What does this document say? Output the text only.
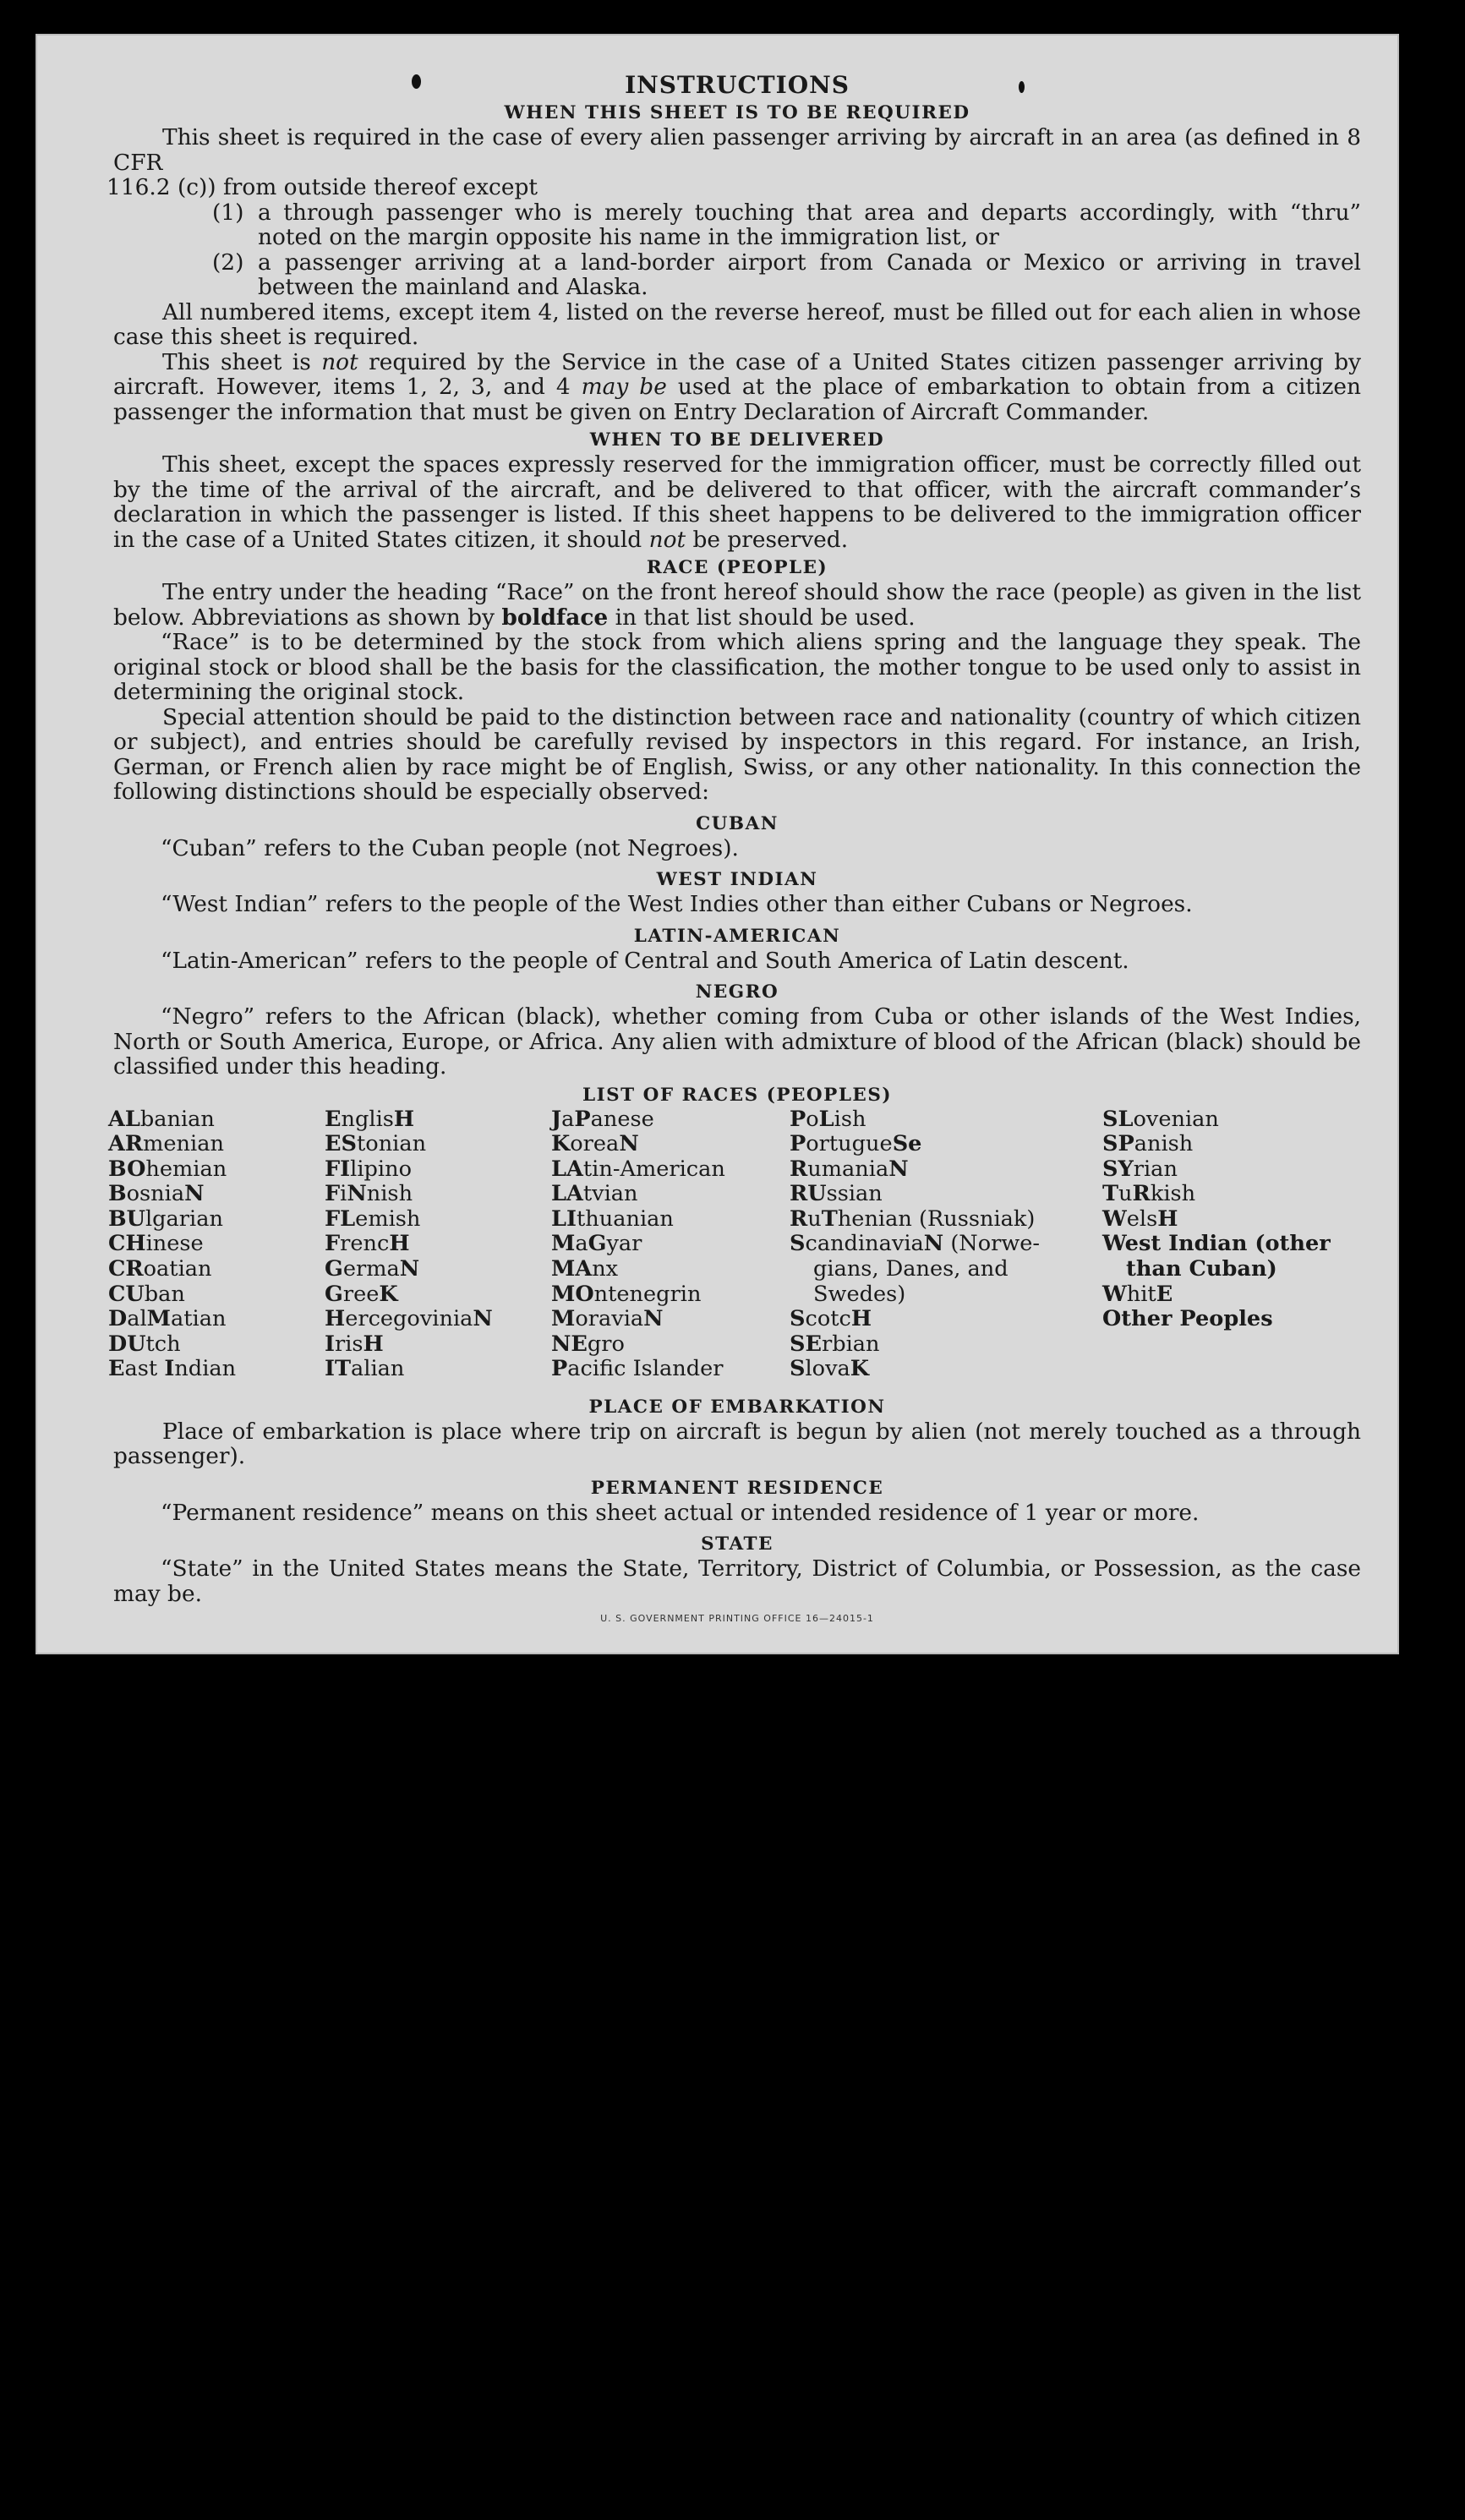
INSTRUCTIONS
WHEN THIS SHEET IS TO BE REQUIRED

This sheet is required in the case of every alien passenger arriving by aircraft in an area (as defined in 8 CFR

116.2 (c)) from outside thereof except

(1) a through passenger who is merely touching that area and departs accordingly, with “thru” noted on the margin opposite his name in the immigration list, or
(2) a passenger arriving at a land-border airport from Canada or Mexico or arriving in travel between the mainland and Alaska.

All numbered items, except item 4, listed on the reverse hereof, must be filled out for each alien in whose case this sheet is required.

This sheet is not required by the Service in the case of a United States citizen passenger arriving by aircraft. However, items 1, 2, 3, and 4 may be used at the place of embarkation to obtain from a citizen passenger the information that must be given on Entry Declaration of Aircraft Commander.

WHEN TO BE DELIVERED

This sheet, except the spaces expressly reserved for the immigration officer, must be correctly filled out by the time of the arrival of the aircraft, and be delivered to that officer, with the aircraft commander’s declaration in which the passenger is listed. If this sheet happens to be delivered to the immigration officer in the case of a United States citizen, it should not be preserved.

RACE (PEOPLE)

The entry under the heading “Race” on the front hereof should show the race (people) as given in the list below. Abbreviations as shown by boldface in that list should be used.

“Race” is to be determined by the stock from which aliens spring and the language they speak. The original stock or blood shall be the basis for the classification, the mother tongue to be used only to assist in determining the original stock.

Special attention should be paid to the distinction between race and nationality (country of which citizen or subject), and entries should be carefully revised by inspectors in this regard. For instance, an Irish, German, or French alien by race might be of English, Swiss, or any other nationality. In this connection the following distinctions should be especially observed:

CUBAN

“Cuban” refers to the Cuban people (not Negroes).

WEST INDIAN

“West Indian” refers to the people of the West Indies other than either Cubans or Negroes.

LATIN-AMERICAN

“Latin-American” refers to the people of Central and South America of Latin descent.

NEGRO

“Negro” refers to the African (black), whether coming from Cuba or other islands of the West Indies, North or South America, Europe, or Africa. Any alien with admixture of blood of the African (black) should be classified under this heading.

LIST OF RACES (PEOPLES)
ALbanian
ARmenian
BOhemian
BosniaN
BUlgarian
CHinese
CRoatian
CUban
DalMatian
DUtch
East Indian
EnglisH
EStonian
FIlipino
FiNnish
FLemish
FrencH
GermaN
GreeK
HercegoviniaN
IrisH
ITalian
JaPanese
KoreaN
LAtin-American
LAtvian
LIthuanian
MaGyar
MAnx
MOntenegrin
MoraviaN
NEgro
Pacific Islander
PoLish
PortugueSe
RumaniaN
RUssian
RuThenian (Russniak)
ScandinaviaN (Norwe-
gians, Danes, and
Swedes)
ScotcH
SErbian
SlovaK
SLovenian
SPanish
SYrian
TuRkish
WelsH
West Indian (other
than Cuban)
WhitE
Other Peoples
PLACE OF EMBARKATION

Place of embarkation is place where trip on aircraft is begun by alien (not merely touched as a through passenger).

PERMANENT RESIDENCE

“Permanent residence” means on this sheet actual or intended residence of 1 year or more.

STATE

“State” in the United States means the State, Territory, District of Columbia, or Possession, as the case may be.

U. S. GOVERNMENT PRINTING OFFICE 16—24015-1
